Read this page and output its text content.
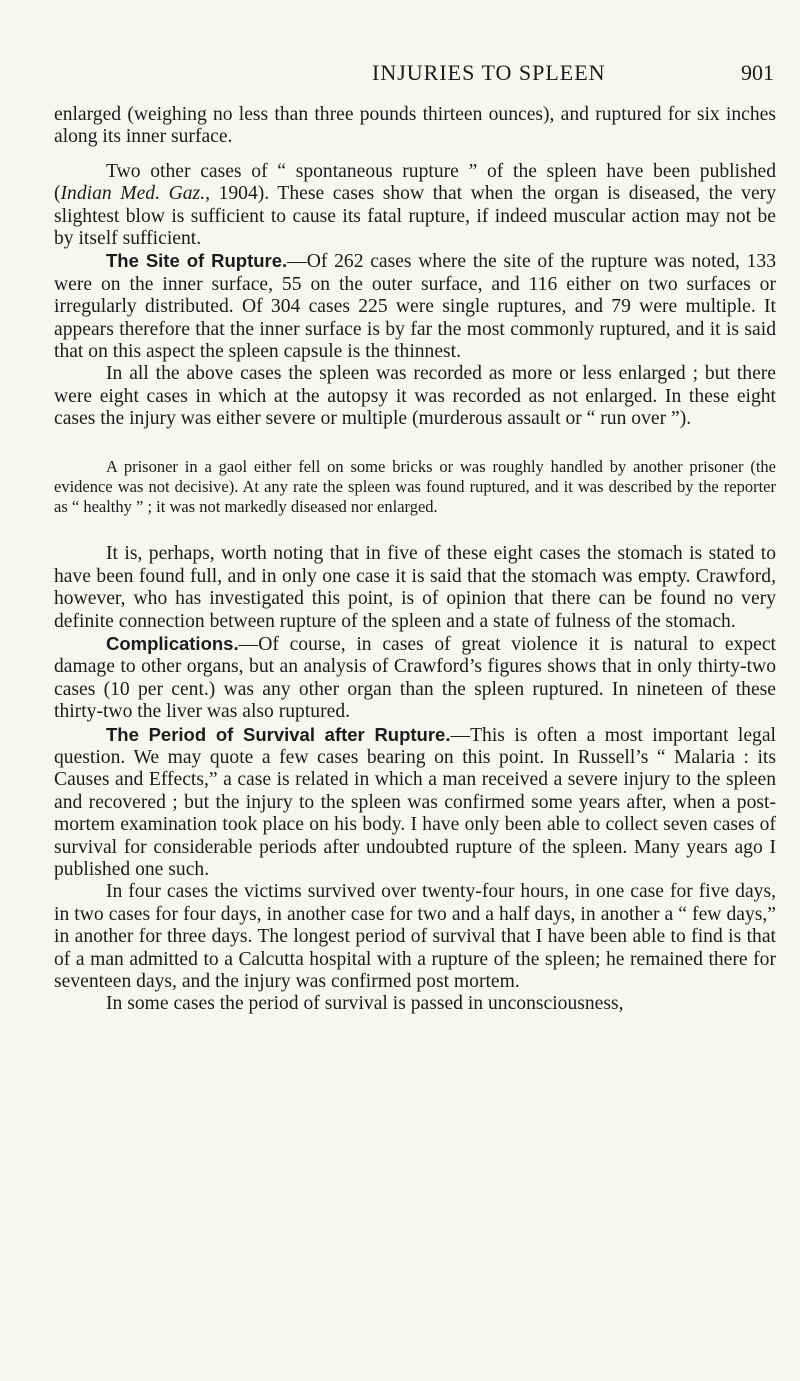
INJURIES TO SPLEEN	901

enlarged (weighing no less than three pounds thirteen ounces), and ruptured for six inches along its inner surface.

Two other cases of “ spontaneous rupture ” of the spleen have been published (Indian Med. Gaz., 1904). These cases show that when the organ is diseased, the very slightest blow is sufficient to cause its fatal rupture, if indeed muscular action may not be by itself sufficient.

The Site of Rupture.—Of 262 cases where the site of the rupture was noted, 133 were on the inner surface, 55 on the outer surface, and 116 either on two surfaces or irregularly distributed. Of 304 cases 225 were single ruptures, and 79 were multiple. It appears therefore that the inner surface is by far the most commonly ruptured, and it is said that on this aspect the spleen capsule is the thinnest.

In all the above cases the spleen was recorded as more or less enlarged ; but there were eight cases in which at the autopsy it was recorded as not enlarged. In these eight cases the injury was either severe or multiple (murderous assault or “ run over ”).

A prisoner in a gaol either fell on some bricks or was roughly handled by another prisoner (the evidence was not decisive). At any rate the spleen was found ruptured, and it was described by the reporter as “ healthy ” ; it was not markedly diseased nor enlarged.

It is, perhaps, worth noting that in five of these eight cases the stomach is stated to have been found full, and in only one case it is said that the stomach was empty. Crawford, however, who has investigated this point, is of opinion that there can be found no very definite connection between rupture of the spleen and a state of fulness of the stomach.

Complications.—Of course, in cases of great violence it is natural to expect damage to other organs, but an analysis of Crawford’s figures shows that in only thirty-two cases (10 per cent.) was any other organ than the spleen ruptured. In nineteen of these thirty-two the liver was also ruptured.

The Period of Survival after Rupture.—This is often a most important legal question. We may quote a few cases bearing on this point. In Russell’s “ Malaria : its Causes and Effects,” a case is related in which a man received a severe injury to the spleen and recovered ; but the injury to the spleen was confirmed some years after, when a post-mortem examination took place on his body. I have only been able to collect seven cases of survival for considerable periods after undoubted rupture of the spleen. Many years ago I published one such.

In four cases the victims survived over twenty-four hours, in one case for five days, in two cases for four days, in another case for two and a half days, in another a “ few days,” in another for three days. The longest period of survival that I have been able to find is that of a man admitted to a Calcutta hospital with a rupture of the spleen; he remained there for seventeen days, and the injury was confirmed post mortem.

In some cases the period of survival is passed in unconsciousness,
